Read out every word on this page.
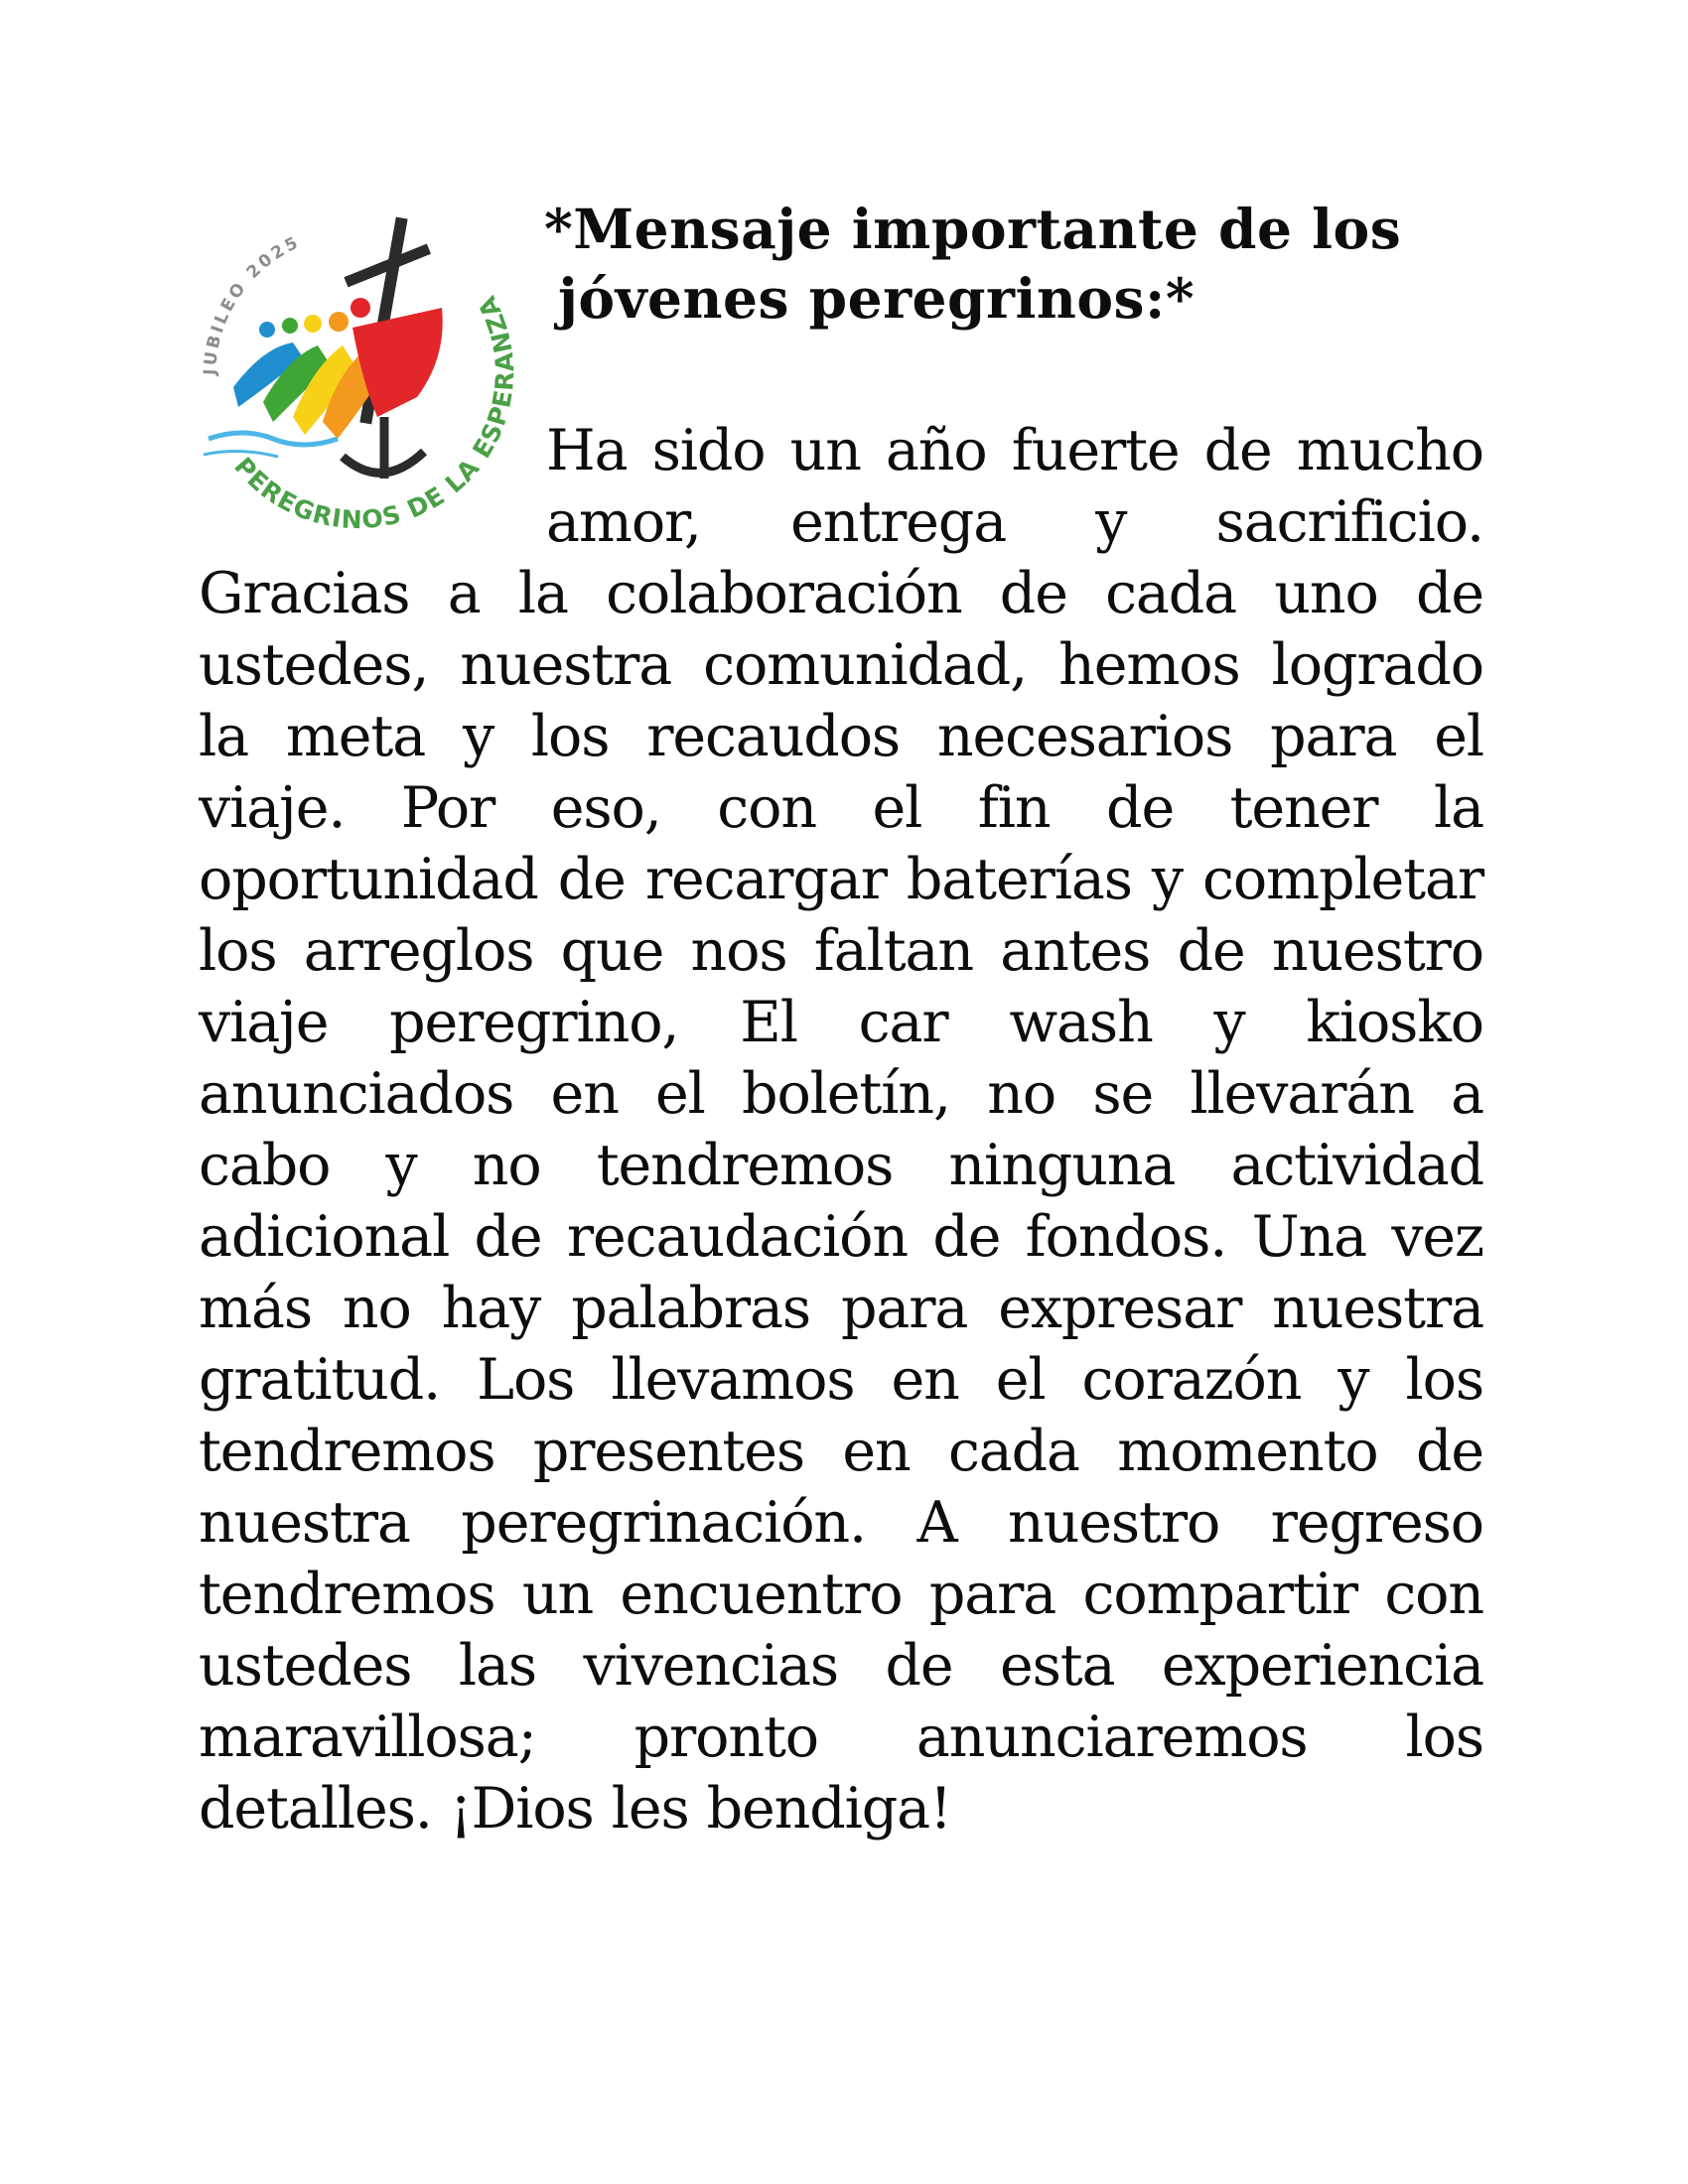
JUBILEO 2025
PEREGRINOS DE LA ESPERANZA
*Mensaje importante de los
jóvenes peregrinos:*

Ha sido un año fuerte de mucho amor, entrega y sacrificio. Gracias a la colaboración de cada uno de ustedes, nuestra comunidad, hemos logrado la meta y los recaudos necesarios para el viaje. Por eso, con el fin de tener la oportunidad de recargar baterías y completar los arreglos que nos faltan antes de nuestro viaje peregrino, El car wash y kiosko anunciados en el boletín, no se llevarán a cabo y no tendremos ninguna actividad adicional de recaudación de fondos. Una vez más no hay palabras para expresar nuestra gratitud. Los llevamos en el corazón y los tendremos presentes en cada momento de nuestra peregrinación. A nuestro regreso tendremos un encuentro para compartir con ustedes las vivencias de esta experiencia maravillosa; pronto anunciaremos los detalles. ¡Dios les bendiga!
